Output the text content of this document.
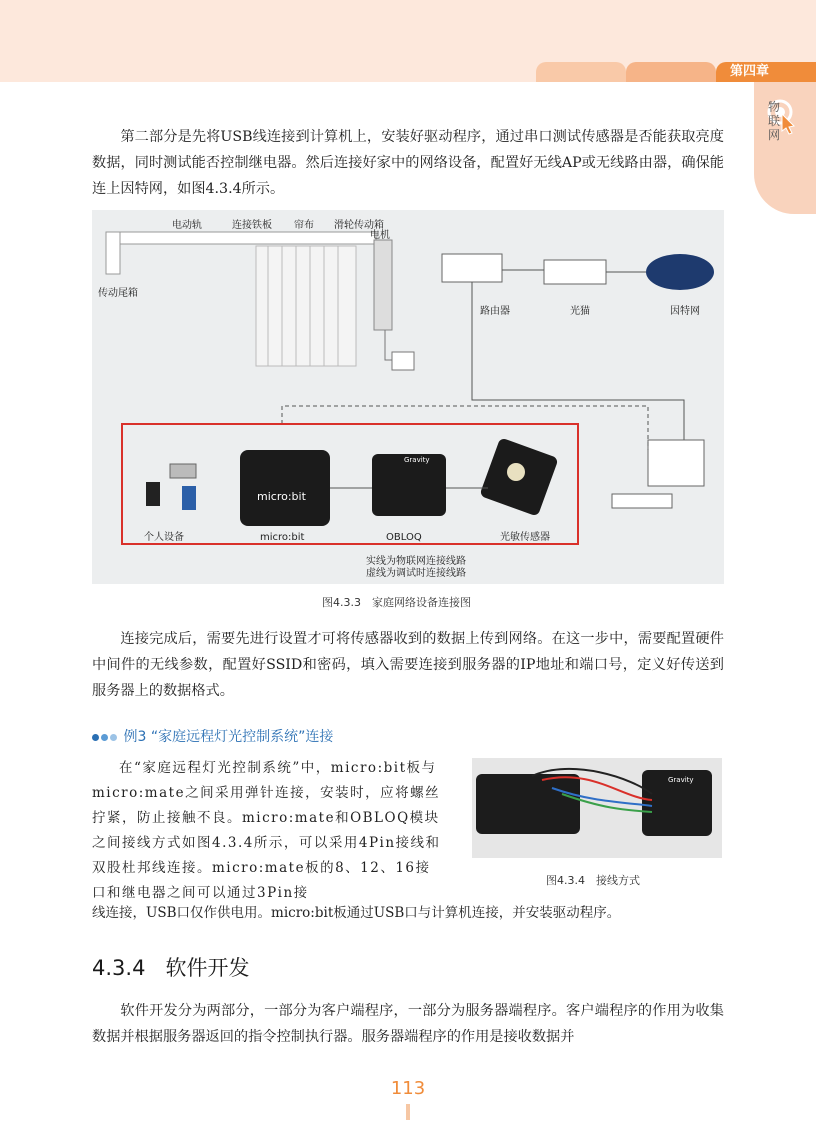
第四章
物联网

第二部分是先将USB线连接到计算机上，安装好驱动程序，通过串口测试传感器是否能获取亮度数据，同时测试能否控制继电器。然后连接好家中的网络设备，配置好无线AP或无线路由器，确保能连上因特网，如图4.3.4所示。

电动轨	连接铁板 帘布 滑轮传动箱
电机
传动尾箱
路由器	光猫	因特网
micro:bit
Gravity
个人设备	micro:bit	OBLOQ	光敏传感器
实线为物联网连接线路
虚线为调试时连接线路
图4.3.3　家庭网络设备连接图

连接完成后，需要先进行设置才可将传感器收到的数据上传到网络。在这一步中，需要配置硬件中间件的无线参数，配置好SSID和密码，填入需要连接到服务器的IP地址和端口号，定义好传送到服务器上的数据格式。

例3 “家庭远程灯光控制系统”连接

在“家庭远程灯光控制系统”中，micro:bit板与micro:mate之间采用弹针连接，安装时，应将螺丝拧紧，防止接触不良。micro:mate和OBLOQ模块之间接线方式如图4.3.4所示，可以采用4Pin接线和双股杜邦线连接。micro:mate板的8、12、16接口和继电器之间可以通过3Pin接

Gravity
图4.3.4　接线方式

线连接，USB口仅作供电用。micro:bit板通过USB口与计算机连接，并安装驱动程序。

4.3.4 软件开发

软件开发分为两部分，一部分为客户端程序，一部分为服务器端程序。客户端程序的作用为收集数据并根据服务器返回的指令控制执行器。服务器端程序的作用是接收数据并

113
